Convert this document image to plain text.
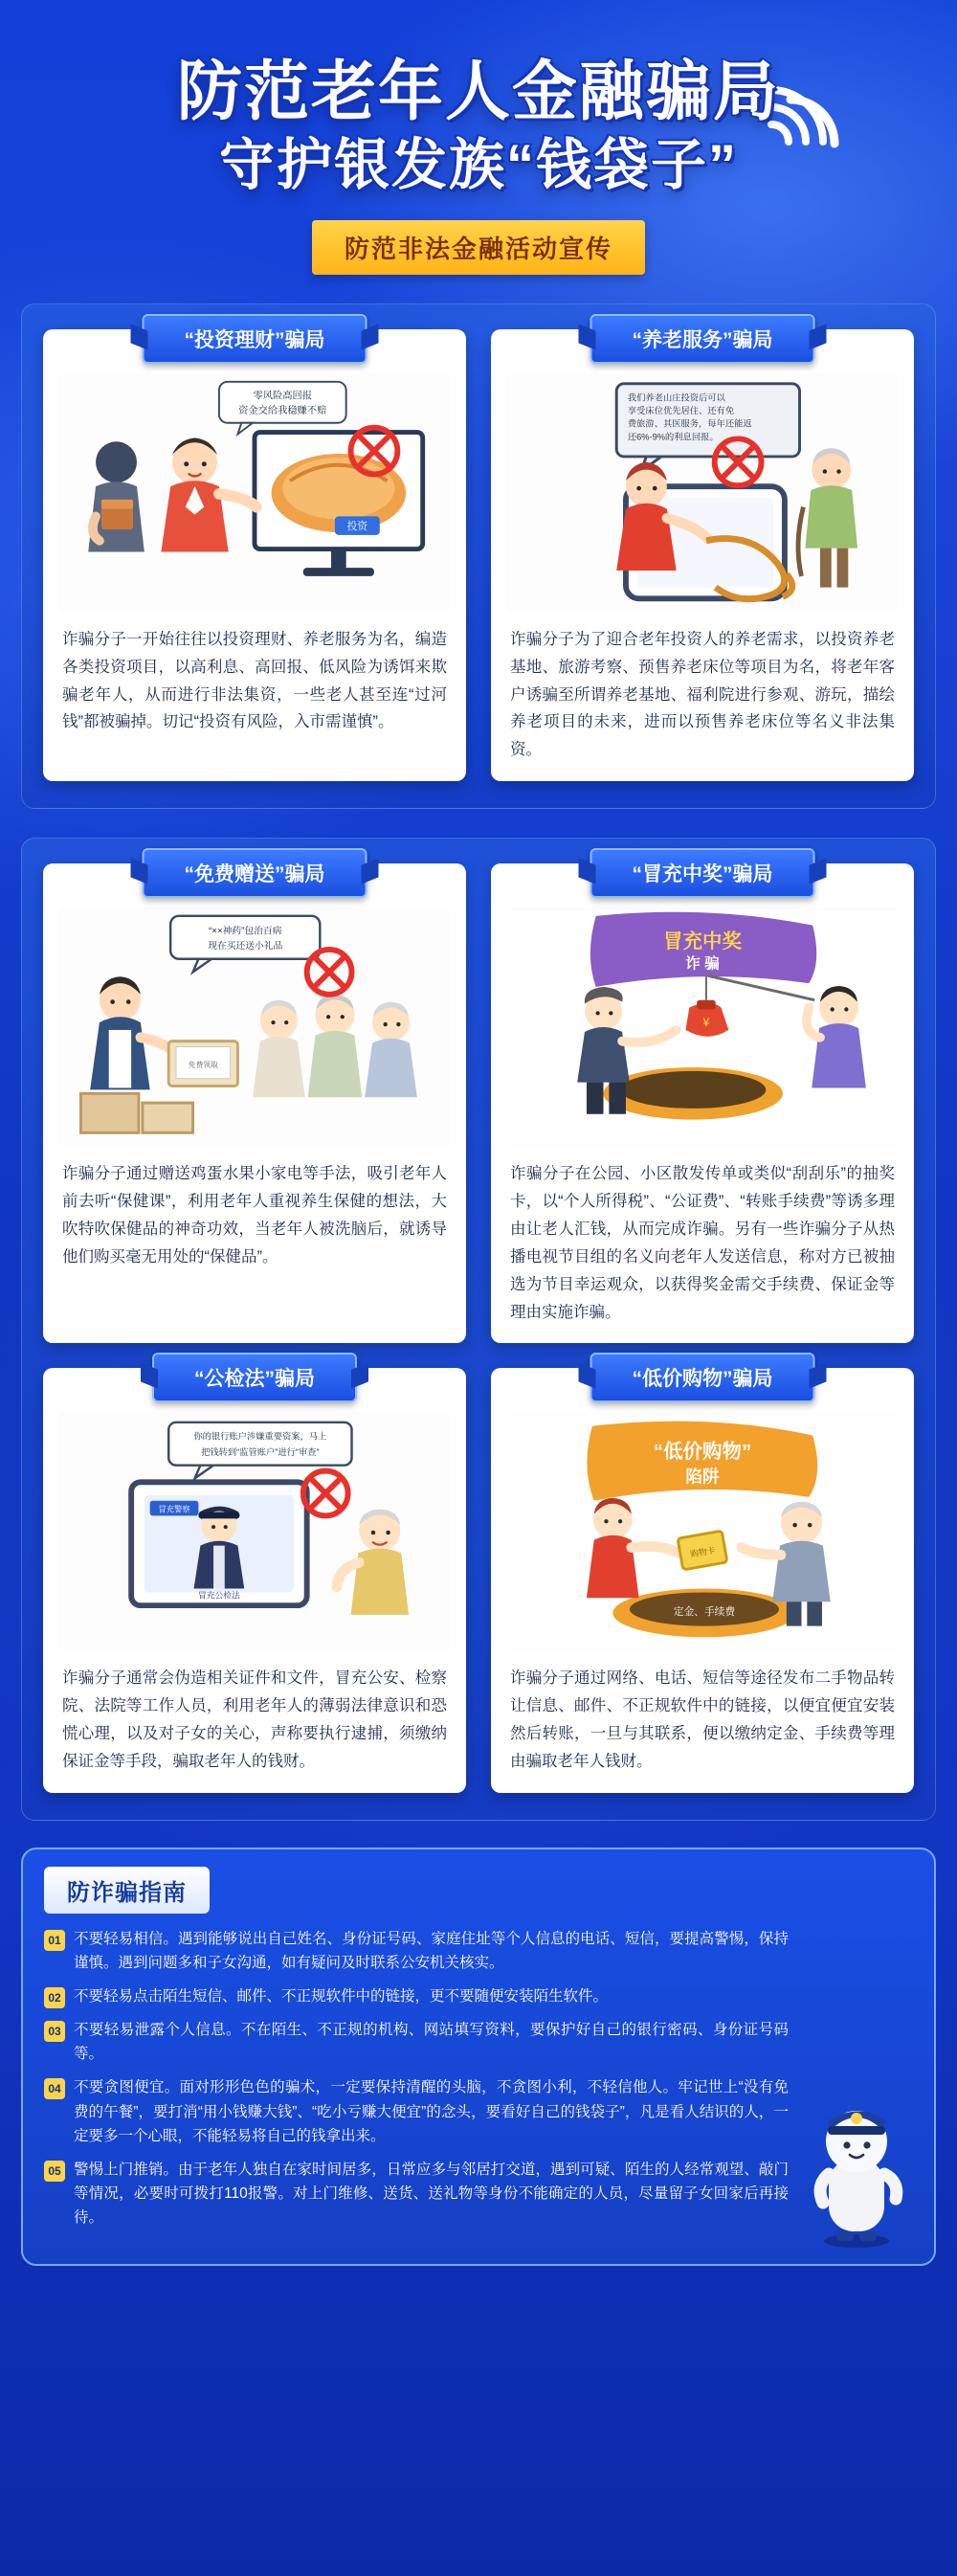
防范老年人金融骗局
守护银发族“钱袋子”
防范非法金融活动宣传
“投资理财”骗局
投资
零风险高回报
资金交给我稳赚不赔

诈骗分子一开始往往以投资理财、养老服务为名，编造各类投资项目，以高利息、高回报、低风险为诱饵来欺骗老年人，从而进行非法集资，一些老人甚至连“过河钱”都被骗掉。切记“投资有风险，入市需谨慎”。

“养老服务”骗局
我们养老山庄投资后可以
享受床位优先居住、还有免
费旅游、其医服务，每年还能返
还6%-9%的利息回报。

诈骗分子为了迎合老年投资人的养老需求，以投资养老基地、旅游考察、预售养老床位等项目为名，将老年客户诱骗至所谓养老基地、福利院进行参观、游玩，描绘养老项目的未来，进而以预售养老床位等名义非法集资。

“免费赠送”骗局
“××神药”包治百病
现在买还送小礼品
免费领取

诈骗分子通过赠送鸡蛋水果小家电等手法，吸引老年人前去听“保健课”，利用老年人重视养生保健的想法，大吹特吹保健品的神奇功效，当老年人被洗脑后，就诱导他们购买毫无用处的“保健品”。

“冒充中奖”骗局
冒充中奖
诈 骗
¥

诈骗分子在公园、小区散发传单或类似“刮刮乐”的抽奖卡，以“个人所得税”、“公证费”、“转账手续费”等诱多理由让老人汇钱，从而完成诈骗。另有一些诈骗分子从热播电视节目组的名义向老年人发送信息，称对方已被抽选为节目幸运观众，以获得奖金需交手续费、保证金等理由实施诈骗。

“公检法”骗局
你的银行账户涉嫌重要资案，马上
把钱转到“监管账户”进行“审查”
冒充警察
冒充公检法

诈骗分子通常会伪造相关证件和文件，冒充公安、检察院、法院等工作人员，利用老年人的薄弱法律意识和恐慌心理，以及对子女的关心，声称要执行逮捕，须缴纳保证金等手段，骗取老年人的钱财。

“低价购物”骗局
“低价购物”
陷阱
定金、手续费
购物卡

诈骗分子通过网络、电话、短信等途径发布二手物品转让信息、邮件、不正规软件中的链接，以便宜便宜安装然后转账，一旦与其联系，便以缴纳定金、手续费等理由骗取老年人钱财。

防诈骗指南
01 不要轻易相信。遇到能够说出自己姓名、身份证号码、家庭住址等个人信息的电话、短信，要提高警惕，保持谨慎。遇到问题多和子女沟通，如有疑问及时联系公安机关核实。
02 不要轻易点击陌生短信、邮件、不正规软件中的链接，更不要随便安装陌生软件。
03 不要轻易泄露个人信息。不在陌生、不正规的机构、网站填写资料，要保护好自己的银行密码、身份证号码等。
04 不要贪图便宜。面对形形色色的骗术，一定要保持清醒的头脑，不贪图小利，不轻信他人。牢记世上“没有免费的午餐”，要打消“用小钱赚大钱”、“吃小亏赚大便宜”的念头，要看好自己的钱袋子”，凡是看人结识的人，一定要多一个心眼，不能轻易将自己的钱拿出来。
05 警惕上门推销。由于老年人独自在家时间居多，日常应多与邻居打交道，遇到可疑、陌生的人经常观望、敲门等情况，必要时可拨打110报警。对上门维修、送货、送礼物等身份不能确定的人员，尽量留子女回家后再接待。
